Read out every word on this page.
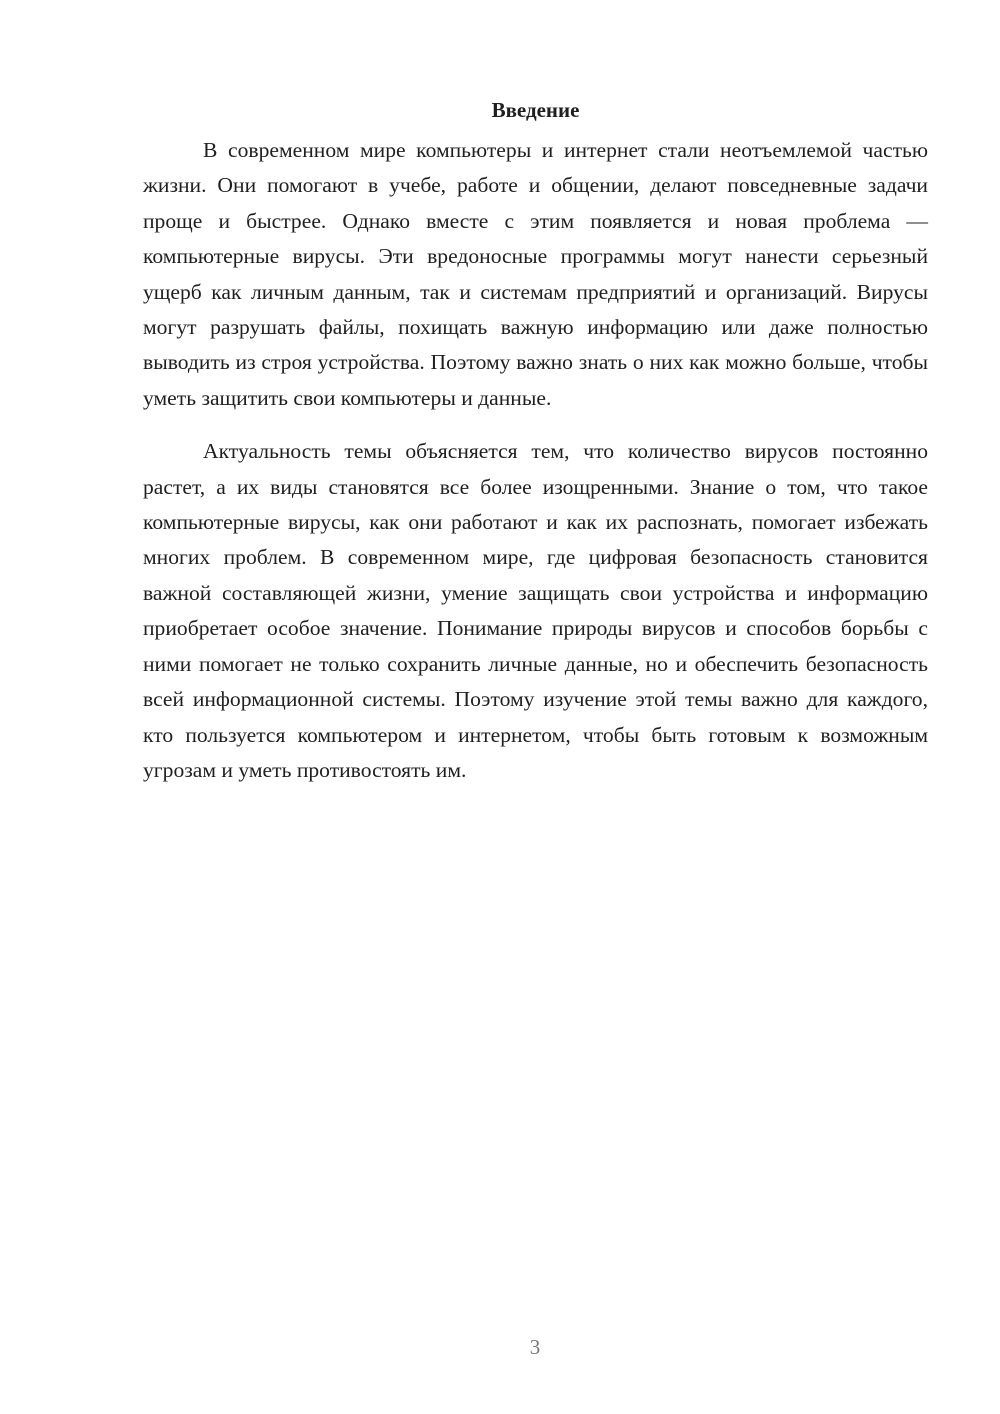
Введение

В современном мире компьютеры и интернет стали неотъемлемой частью жизни. Они помогают в учебе, работе и общении, делают повседневные задачи проще и быстрее. Однако вместе с этим появляется и новая проблема — компьютерные вирусы. Эти вредоносные программы могут нанести серьезный ущерб как личным данным, так и системам предприятий и организаций. Вирусы могут разрушать файлы, похищать важную информацию или даже полностью выводить из строя устройства. Поэтому важно знать о них как можно больше, чтобы уметь защитить свои компьютеры и данные.

Актуальность темы объясняется тем, что количество вирусов постоянно растет, а их виды становятся все более изощренными. Знание о том, что такое компьютерные вирусы, как они работают и как их распознать, помогает избежать многих проблем. В современном мире, где цифровая безопасность становится важной составляющей жизни, умение защищать свои устройства и информацию приобретает особое значение. Понимание природы вирусов и способов борьбы с ними помогает не только сохранить личные данные, но и обеспечить безопасность всей информационной системы. Поэтому изучение этой темы важно для каждого, кто пользуется компьютером и интернетом, чтобы быть готовым к возможным угрозам и уметь противостоять им.

3
